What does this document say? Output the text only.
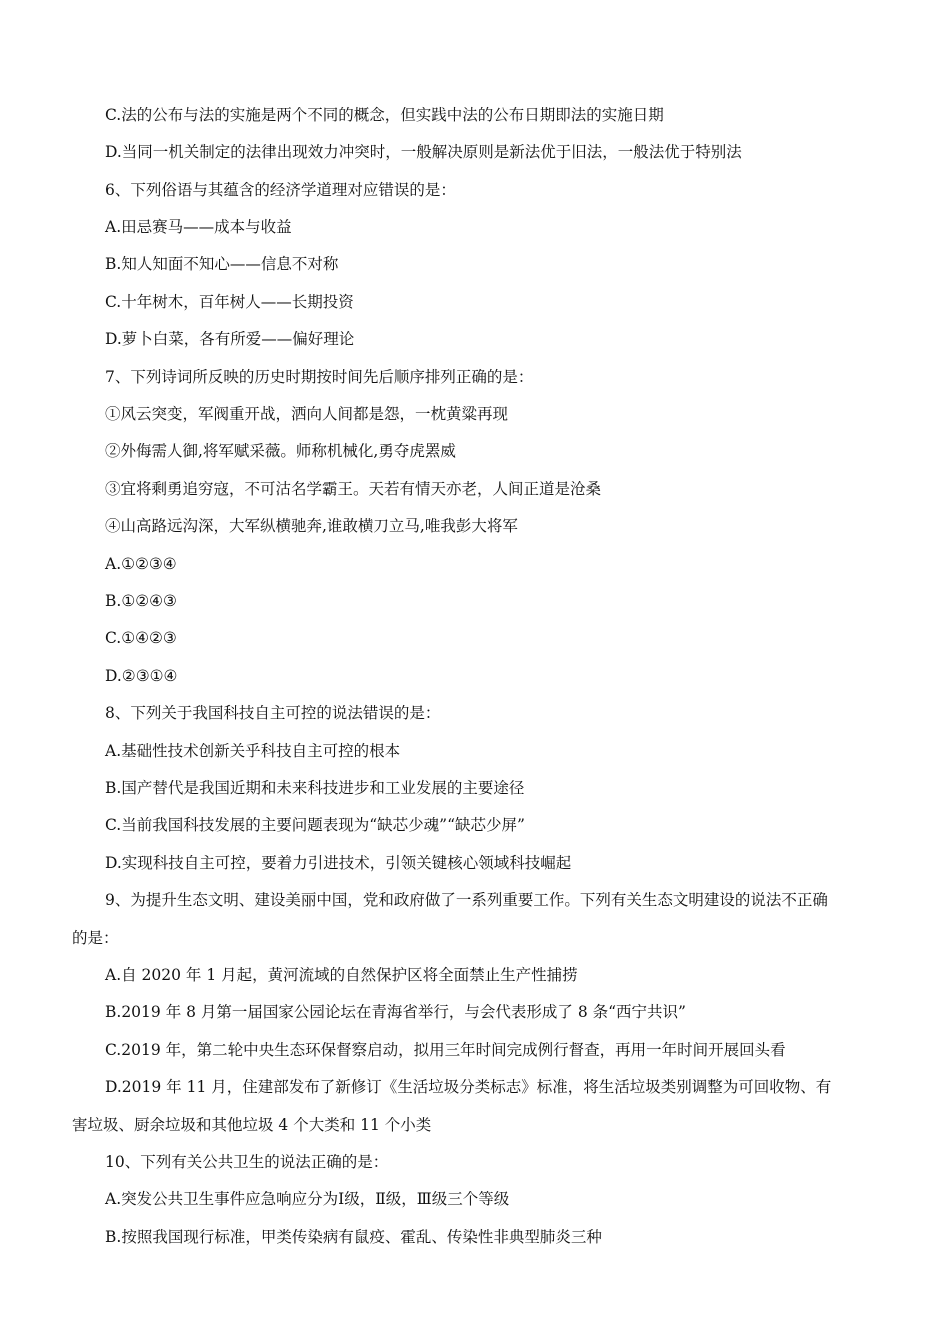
C.法的公布与法的实施是两个不同的概念，但实践中法的公布日期即法的实施日期
D.当同一机关制定的法律出现效力冲突时，一般解决原则是新法优于旧法，一般法优于特别法
6、下列俗语与其蕴含的经济学道理对应错误的是：
A.田忌赛马——成本与收益
B.知人知面不知心——信息不对称
C.十年树木，百年树人——长期投资
D.萝卜白菜，各有所爱——偏好理论
7、下列诗词所反映的历史时期按时间先后顺序排列正确的是：
①风云突变，军阀重开战，洒向人间都是怨，一枕黄粱再现
②外侮需人御,将军赋采薇。师称机械化,勇夺虎罴威
③宜将剩勇追穷寇，不可沽名学霸王。天若有情天亦老，人间正道是沧桑
④山高路远沟深，大军纵横驰奔,谁敢横刀立马,唯我彭大将军
A.①②③④
B.①②④③
C.①④②③
D.②③①④
8、下列关于我国科技自主可控的说法错误的是：
A.基础性技术创新关乎科技自主可控的根本
B.国产替代是我国近期和未来科技进步和工业发展的主要途径
C.当前我国科技发展的主要问题表现为“缺芯少魂”“缺芯少屏”
D.实现科技自主可控，要着力引进技术，引领关键核心领域科技崛起
9、为提升生态文明、建设美丽中国，党和政府做了一系列重要工作。下列有关生态文明建设的说法不正确
的是：
A.自 2020 年 1 月起，黄河流域的自然保护区将全面禁止生产性捕捞
B.2019 年 8 月第一届国家公园论坛在青海省举行，与会代表形成了 8 条“西宁共识”
C.2019 年，第二轮中央生态环保督察启动，拟用三年时间完成例行督查，再用一年时间开展回头看
D.2019 年 11 月，住建部发布了新修订《生活垃圾分类标志》标准，将生活垃圾类别调整为可回收物、有
害垃圾、厨余垃圾和其他垃圾 4 个大类和 11 个小类
10、下列有关公共卫生的说法正确的是：
A.突发公共卫生事件应急响应分为Ⅰ级，Ⅱ级，Ⅲ级三个等级
B.按照我国现行标准，甲类传染病有鼠疫、霍乱、传染性非典型肺炎三种
